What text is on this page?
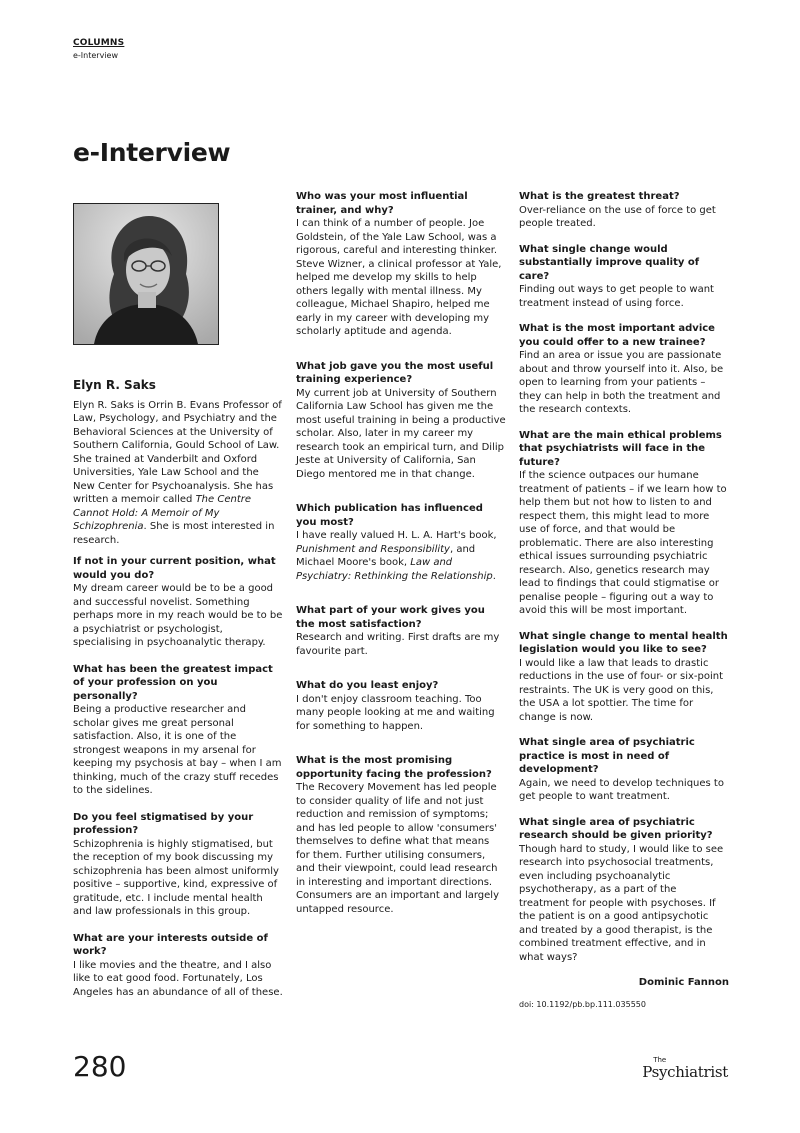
COLUMNS
e-Interview
e-Interview
Elyn R. Saks

Elyn R. Saks is Orrin B. Evans Professor of Law, Psychology, and Psychiatry and the Behavioral Sciences at the University of Southern California, Gould School of Law. She trained at Vanderbilt and Oxford Universities, Yale Law School and the New Center for Psychoanalysis. She has written a memoir called The Centre Cannot Hold: A Memoir of My Schizophrenia. She is most interested in research.

If not in your current position, what would you do?

My dream career would be to be a good and successful novelist. Something perhaps more in my reach would be to be a psychiatrist or psychologist, specialising in psychoanalytic therapy.

What has been the greatest impact of your profession on you personally?

Being a productive researcher and scholar gives me great personal satisfaction. Also, it is one of the strongest weapons in my arsenal for keeping my psychosis at bay – when I am thinking, much of the crazy stuff recedes to the sidelines.

Do you feel stigmatised by your profession?

Schizophrenia is highly stigmatised, but the reception of my book discussing my schizophrenia has been almost uniformly positive – supportive, kind, expressive of gratitude, etc. I include mental health and law professionals in this group.

What are your interests outside of work?

I like movies and the theatre, and I also like to eat good food. Fortunately, Los Angeles has an abundance of all of these.

Who was your most influential trainer, and why?

I can think of a number of people. Joe Goldstein, of the Yale Law School, was a rigorous, careful and interesting thinker. Steve Wizner, a clinical professor at Yale, helped me develop my skills to help others legally with mental illness. My colleague, Michael Shapiro, helped me early in my career with developing my scholarly aptitude and agenda.

What job gave you the most useful training experience?

My current job at University of Southern California Law School has given me the most useful training in being a productive scholar. Also, later in my career my research took an empirical turn, and Dilip Jeste at University of California, San Diego mentored me in that change.

Which publication has influenced you most?

I have really valued H. L. A. Hart's book, Punishment and Responsibility, and Michael Moore's book, Law and Psychiatry: Rethinking the Relationship.

What part of your work gives you the most satisfaction?

Research and writing. First drafts are my favourite part.

What do you least enjoy?

I don't enjoy classroom teaching. Too many people looking at me and waiting for something to happen.

What is the most promising opportunity facing the profession?

The Recovery Movement has led people to consider quality of life and not just reduction and remission of symptoms; and has led people to allow 'consumers' themselves to define what that means for them. Further utilising consumers, and their viewpoint, could lead research in interesting and important directions. Consumers are an important and largely untapped resource.

What is the greatest threat?

Over-reliance on the use of force to get people treated.

What single change would substantially improve quality of care?

Finding out ways to get people to want treatment instead of using force.

What is the most important advice you could offer to a new trainee?

Find an area or issue you are passionate about and throw yourself into it. Also, be open to learning from your patients – they can help in both the treatment and the research contexts.

What are the main ethical problems that psychiatrists will face in the future?

If the science outpaces our humane treatment of patients – if we learn how to help them but not how to listen to and respect them, this might lead to more use of force, and that would be problematic. There are also interesting ethical issues surrounding psychiatric research. Also, genetics research may lead to findings that could stigmatise or penalise people – figuring out a way to avoid this will be most important.

What single change to mental health legislation would you like to see?

I would like a law that leads to drastic reductions in the use of four- or six-point restraints. The UK is very good on this, the USA a lot spottier. The time for change is now.

What single area of psychiatric practice is most in need of development?

Again, we need to develop techniques to get people to want treatment.

What single area of psychiatric research should be given priority?

Though hard to study, I would like to see research into psychosocial treatments, even including psychoanalytic psychotherapy, as a part of the treatment for people with psychoses. If the patient is on a good antipsychotic and treated by a good therapist, is the combined treatment effective, and in what ways?

Dominic Fannon
doi: 10.1192/pb.bp.111.035550
280	The
Psychiatrist
